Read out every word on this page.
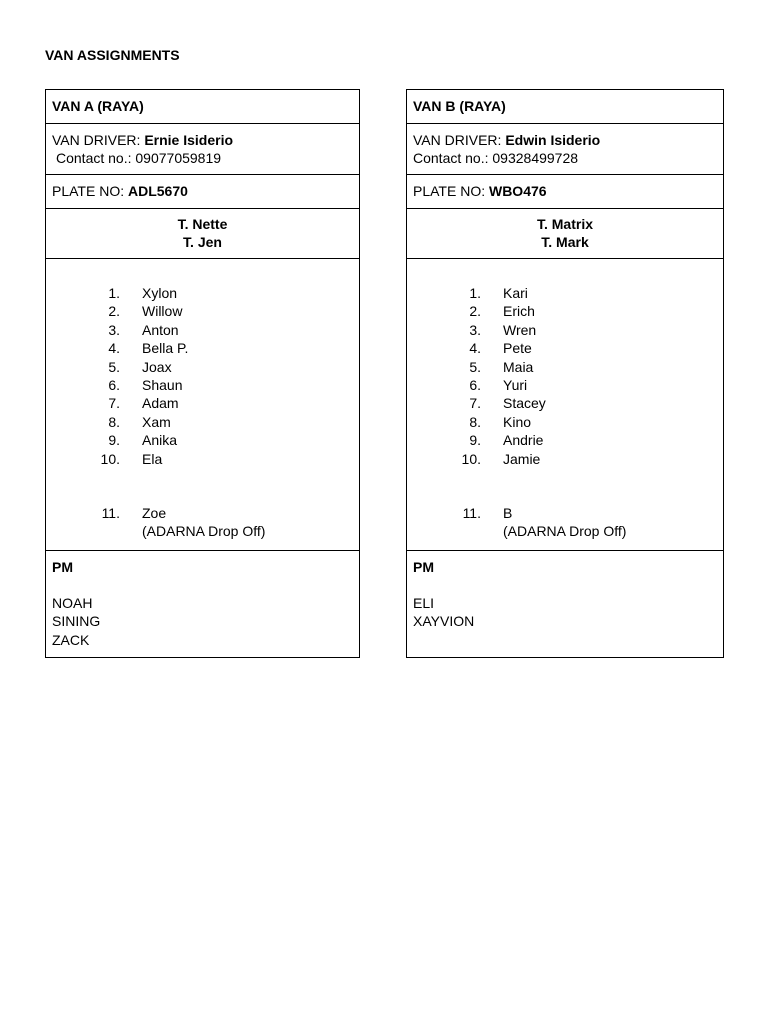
VAN ASSIGNMENTS
VAN A (RAYA)
VAN DRIVER: Ernie Isiderio
Contact no.: 09077059819
PLATE NO: ADL5670
T. Nette
T. Jen
1.	Xylon
2.	Willow
3.	Anton
4.	Bella P.
5.	Joax
6.	Shaun
7.	Adam
8.	Xam
9.	Anika
10.	Ela
11.	Zoe
(ADARNA Drop Off)
PM
NOAH
SINING
ZACK
VAN B (RAYA)
VAN DRIVER: Edwin Isiderio
Contact no.: 09328499728
PLATE NO: WBO476
T. Matrix
T. Mark
1.	Kari
2.	Erich
3.	Wren
4.	Pete
5.	Maia
6.	Yuri
7.	Stacey
8.	Kino
9.	Andrie
10.	Jamie
11.	B
(ADARNA Drop Off)
PM
ELI
XAYVION
